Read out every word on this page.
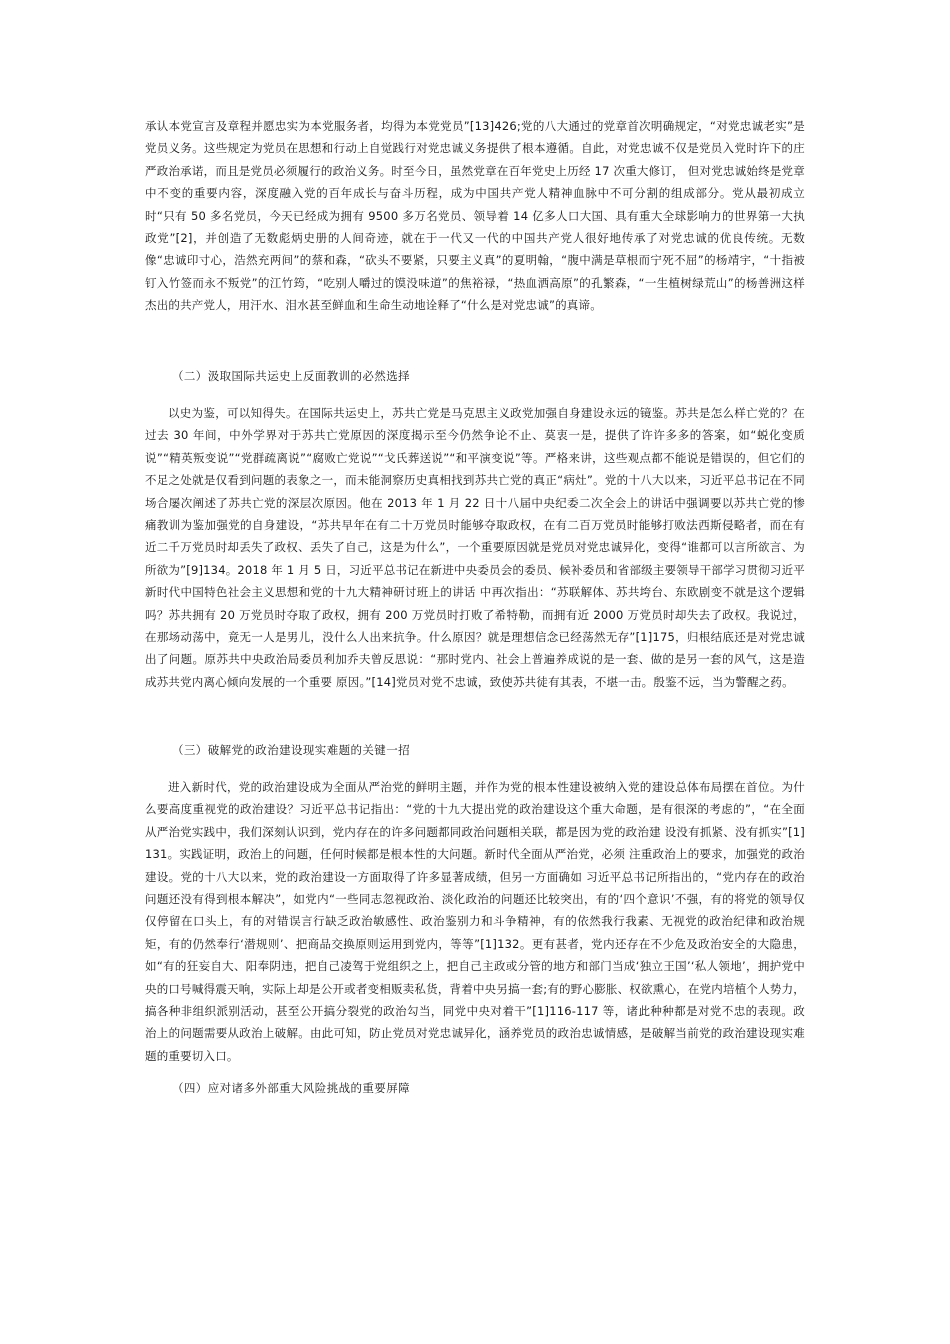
承认本党宣言及章程并愿忠实为本党服务者，均得为本党党员”[13]426;党的八大通过的党章首次明确规定，“对党忠诚老实”是党员义务。这些规定为党员在思想和行动上自觉践行对党忠诚义务提供了根本遵循。自此，对党忠诚不仅是党员入党时许下的庄严政治承诺，而且是党员必须履行的政治义务。时至今日，虽然党章在百年党史上历经 17 次重大修订， 但对党忠诚始终是党章中不变的重要内容，深度融入党的百年成长与奋斗历程，成为中国共产党人精神血脉中不可分割的组成部分。党从最初成立时“只有 50 多名党员，今天已经成为拥有 9500 多万名党员、领导着 14 亿多人口大国、具有重大全球影响力的世界第一大执政党”[2]，并创造了无数彪炳史册的人间奇迹，就在于一代又一代的中国共产党人很好地传承了对党忠诚的优良传统。无数像“忠诚印寸心，浩然充两间”的蔡和森，“砍头不要紧，只要主义真”的夏明翰，“腹中满是草根而宁死不屈”的杨靖宇，“十指被钉入竹签而永不叛党”的江竹筠，“吃别人嚼过的馍没味道”的焦裕禄，“热血洒高原”的孔繁森，“一生植树绿荒山”的杨善洲这样杰出的共产党人，用汗水、泪水甚至鲜血和生命生动地诠释了“什么是对党忠诚”的真谛。

（二）汲取国际共运史上反面教训的必然选择

以史为鉴，可以知得失。在国际共运史上，苏共亡党是马克思主义政党加强自身建设永远的镜鉴。苏共是怎么样亡党的？在过去 30 年间，中外学界对于苏共亡党原因的深度揭示至今仍然争论不止、莫衷一是，提供了许许多多的答案，如“蜕化变质说”“精英叛变说”“党群疏离说”“腐败亡党说”“戈氏葬送说”“和平演变说”等。严格来讲，这些观点都不能说是错误的，但它们的不足之处就是仅看到问题的表象之一，而未能洞察历史真相找到苏共亡党的真正“病灶”。党的十八大以来，习近平总书记在不同场合屡次阐述了苏共亡党的深层次原因。他在 2013 年 1 月 22 日十八届中央纪委二次全会上的讲话中强调要以苏共亡党的惨痛教训为鉴加强党的自身建设，“苏共早年在有二十万党员时能够夺取政权，在有二百万党员时能够打败法西斯侵略者，而在有近二千万党员时却丢失了政权、丢失了自己，这是为什么”，一个重要原因就是党员对党忠诚异化，变得“谁都可以言所欲言、为所欲为”[9]134。2018 年 1 月 5 日，习近平总书记在新进中央委员会的委员、候补委员和省部级主要领导干部学习贯彻习近平新时代中国特色社会主义思想和党的十九大精神研讨班上的讲话 中再次指出：“苏联解体、苏共垮台、东欧剧变不就是这个逻辑吗？苏共拥有 20 万党员时夺取了政权，拥有 200 万党员时打败了希特勒，而拥有近 2000 万党员时却失去了政权。我说过，在那场动荡中，竟无一人是男儿，没什么人出来抗争。什么原因？就是理想信念已经荡然无存”[1]175，归根结底还是对党忠诚出了问题。原苏共中央政治局委员利加乔夫曾反思说：“那时党内、社会上普遍养成说的是一套、做的是另一套的风气，这是造成苏共党内离心倾向发展的一个重要 原因。”[14]党员对党不忠诚，致使苏共徒有其表，不堪一击。殷鉴不远，当为警醒之药。

（三）破解党的政治建设现实难题的关键一招

进入新时代，党的政治建设成为全面从严治党的鲜明主题，并作为党的根本性建设被纳入党的建设总体布局摆在首位。为什么要高度重视党的政治建设？习近平总书记指出：“党的十九大提出党的政治建设这个重大命题，是有很深的考虑的”，“在全面从严治党实践中，我们深刻认识到，党内存在的许多问题都同政治问题相关联，都是因为党的政治建 设没有抓紧、没有抓实”[1]131。实践证明，政治上的问题，任何时候都是根本性的大问题。新时代全面从严治党，必须 注重政治上的要求，加强党的政治建设。党的十八大以来，党的政治建设一方面取得了许多显著成绩，但另一方面确如 习近平总书记所指出的，“党内存在的政治问题还没有得到根本解决”，如党内“一些同志忽视政治、淡化政治的问题还比较突出，有的‘四个意识’不强，有的将党的领导仅仅停留在口头上，有的对错误言行缺乏政治敏感性、政治鉴别力和斗争精神，有的依然我行我素、无视党的政治纪律和政治规矩，有的仍然奉行‘潜规则’、把商品交换原则运用到党内，等等”[1]132。更有甚者，党内还存在不少危及政治安全的大隐患，如“有的狂妄自大、阳奉阴违，把自己凌驾于党组织之上，把自己主政或分管的地方和部门当成‘独立王国’‘私人领地’，拥护党中央的口号喊得震天响，实际上却是公开或者变相贩卖私货，背着中央另搞一套;有的野心膨胀、权欲熏心，在党内培植个人势力，搞各种非组织派别活动，甚至公开搞分裂党的政治勾当，同党中央对着干”[1]116-117 等，诸此种种都是对党不忠的表现。政治上的问题需要从政治上破解。由此可知，防止党员对党忠诚异化，涵养党员的政治忠诚情感，是破解当前党的政治建设现实难题的重要切入口。

（四）应对诸多外部重大风险挑战的重要屏障
